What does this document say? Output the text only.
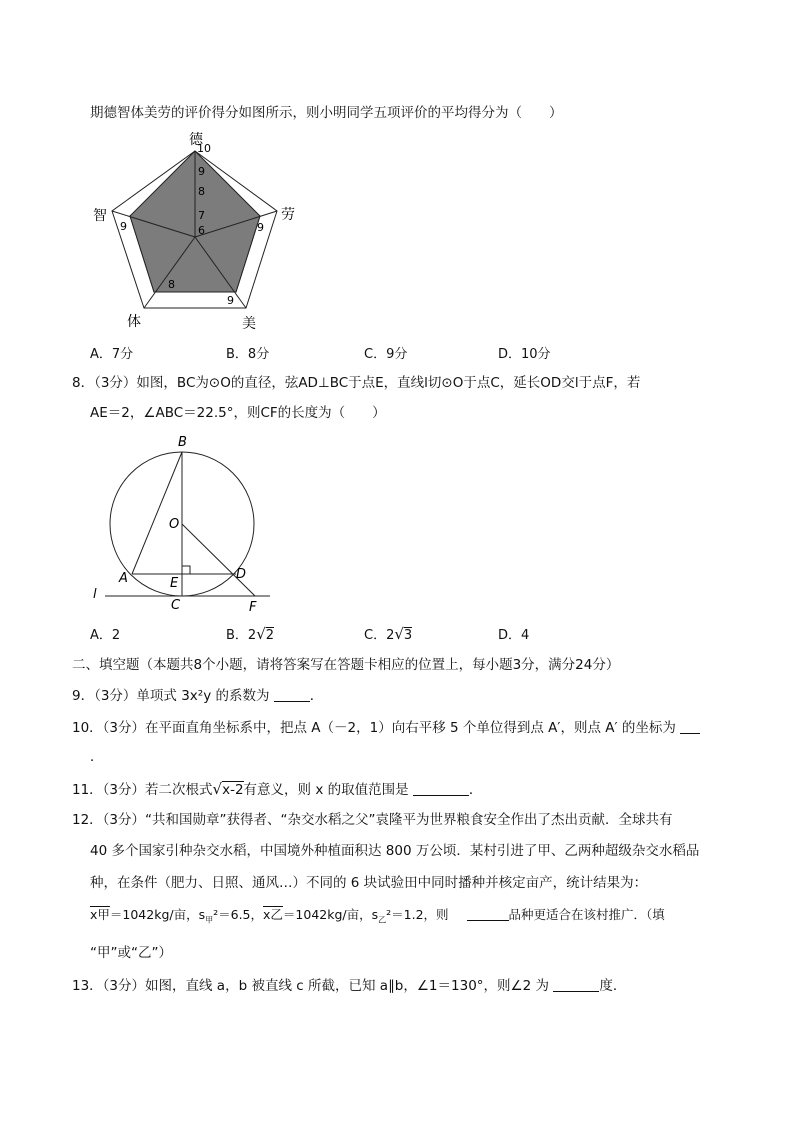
期德智体美劳的评价得分如图所示，则小明同学五项评价的平均得分为（　　）
德
劳
美
体
智
10
9
9
8
9
9
8
7
6
A．7分	B．8分	C．9分	D．10分
8．（3分）如图，BC为⊙O的直径，弦AD⊥BC于点E，直线l切⊙O于点C，延长OD交l于点F，若
AE＝2，∠ABC＝22.5°，则CF的长度为（　　）
B
O
A	E
D
C	F
l
A．2	B．2√2	C．2√3	D．4
二、填空题（本题共8个小题，请将答案写在答题卡相应的位置上，每小题3分，满分24分）
9．（3分）单项式 3x²y 的系数为	．
10．（3分）在平面直角坐标系中，把点 A（－2，1）向右平移 5 个单位得到点 A′，则点 A′ 的坐标为
．
11．（3分）若二次根式√x-2有意义，则 x 的取值范围是	．
12．（3分）“共和国勋章”获得者、“杂交水稻之父”袁隆平为世界粮食安全作出了杰出贡献．全球共有
40 多个国家引种杂交水稻，中国境外种植面积达 800 万公顷．某村引进了甲、乙两种超级杂交水稻品
种，在条件（肥力、日照、通风…）不同的 6 块试验田中同时播种并核定亩产，统计结果为：
x甲＝1042kg/亩，$s_甲^2=6.5$，x乙＝1042kg/亩，$s_乙^2=1.2$，则	品种更适合在该村推广．（填
“甲”或“乙”）
13．（3分）如图，直线 a，b 被直线 c 所截，已知 a∥b，∠1＝130°，则∠2 为	度．
